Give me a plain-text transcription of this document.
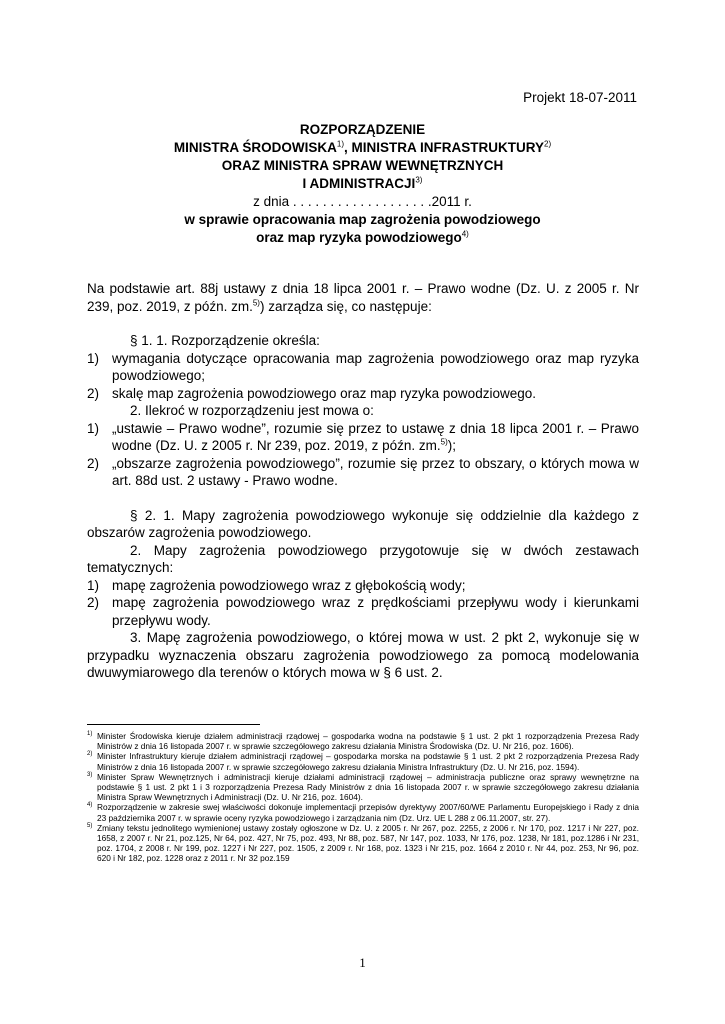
Projekt 18-07-2011
ROZPORZĄDZENIE
MINISTRA ŚRODOWISKA$^{1)}$, MINISTRA INFRASTRUKTURY$^{2)}$
ORAZ MINISTRA SPRAW WEWNĘTRZNYCH
I ADMINISTRACJI$^{3)}$
z dnia . . . . . . . . . . . . . . . . . . .2011 r.
w sprawie opracowania map zagrożenia powodziowego
oraz map ryzyka powodziowego$^{4)}$

Na podstawie art. 88j ustawy z dnia 18 lipca 2001 r. – Prawo wodne (Dz. U. z 2005 r. Nr 239, poz. 2019, z późn. zm.$^{5)}$) zarządza się, co następuje:

§ 1. 1. Rozporządzenie określa:

1) wymagania dotyczące opracowania map zagrożenia powodziowego oraz map ryzyka powodziowego;

2) skalę map zagrożenia powodziowego oraz map ryzyka powodziowego.

2. Ilekroć w rozporządzeniu jest mowa o:

1) „ustawie – Prawo wodne”, rozumie się przez to ustawę z dnia 18 lipca 2001 r. – Prawo wodne (Dz. U. z 2005 r. Nr 239, poz. 2019, z późn. zm.$^{5)}$);

2) „obszarze zagrożenia powodziowego”, rozumie się przez to obszary, o których mowa w art. 88d ust. 2 ustawy - Prawo wodne.

§ 2. 1. Mapy zagrożenia powodziowego wykonuje się oddzielnie dla każdego z obszarów zagrożenia powodziowego.

2. Mapy zagrożenia powodziowego przygotowuje się w dwóch zestawach tematycznych:

1) mapę zagrożenia powodziowego wraz z głębokością wody;

2) mapę zagrożenia powodziowego wraz z prędkościami przepływu wody i kierunkami przepływu wody.

3. Mapę zagrożenia powodziowego, o której mowa w ust. 2 pkt 2, wykonuje się w przypadku wyznaczenia obszaru zagrożenia powodziowego za pomocą modelowania dwuwymiarowego dla terenów o których mowa w § 6 ust. 2.

1) Minister Środowiska kieruje działem administracji rządowej – gospodarka wodna na podstawie § 1 ust. 2 pkt 1 rozporządzenia Prezesa Rady Ministrów z dnia 16 listopada 2007 r. w sprawie szczegółowego zakresu działania Ministra Środowiska (Dz. U. Nr 216, poz. 1606).

2) Minister Infrastruktury kieruje działem administracji rządowej – gospodarka morska na podstawie § 1 ust. 2 pkt 2 rozporządzenia Prezesa Rady Ministrów z dnia 16 listopada 2007 r. w sprawie szczegółowego zakresu działania Ministra Infrastruktury (Dz. U. Nr 216, poz. 1594).

3) Minister Spraw Wewnętrznych i administracji kieruje działami administracji rządowej – administracja publiczne oraz sprawy wewnętrzne na podstawie § 1 ust. 2 pkt 1 i 3 rozporządzenia Prezesa Rady Ministrów z dnia 16 listopada 2007 r. w sprawie szczegółowego zakresu działania Ministra Spraw Wewnętrznych i Administracji (Dz. U. Nr 216, poz. 1604).

4) Rozporządzenie w zakresie swej właściwości dokonuje implementacji przepisów dyrektywy 2007/60/WE Parlamentu Europejskiego i Rady z dnia 23 października 2007 r. w sprawie oceny ryzyka powodziowego i zarządzania nim (Dz. Urz. UE L 288 z 06.11.2007, str. 27).

5) Zmiany tekstu jednolitego wymienionej ustawy zostały ogłoszone w Dz. U. z 2005 r. Nr 267, poz. 2255, z 2006 r. Nr 170, poz. 1217 i Nr 227, poz. 1658, z 2007 r. Nr 21, poz.125, Nr 64, poz. 427, Nr 75, poz. 493, Nr 88, poz. 587, Nr 147, poz. 1033, Nr 176, poz. 1238, Nr 181, poz.1286 i Nr 231, poz. 1704, z 2008 r. Nr 199, poz. 1227 i Nr 227, poz. 1505, z 2009 r. Nr 168, poz. 1323 i Nr 215, poz. 1664 z 2010 r. Nr 44, poz. 253, Nr 96, poz. 620 i Nr 182, poz. 1228 oraz z 2011 r. Nr 32 poz.159

1
